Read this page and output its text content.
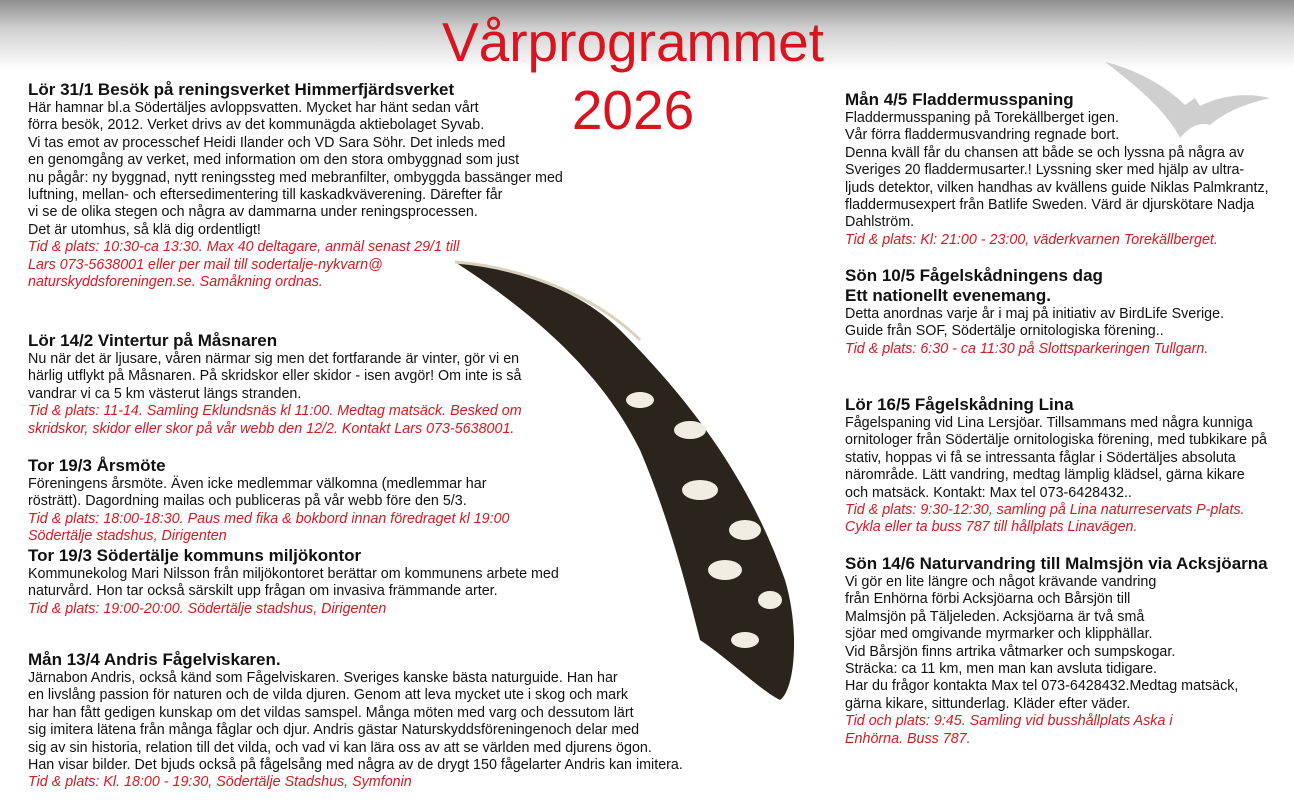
Vårprogrammet
2026
Lör 31/1 Besök på reningsverket Himmerfjärdsverket
Här hamnar bl.a Södertäljes avloppsvatten. Mycket har hänt sedan vårt
förra besök, 2012. Verket drivs av det kommunägda aktiebolaget Syvab.
Vi tas emot av processchef Heidi Ilander och VD Sara Söhr. Det inleds med
en genomgång av verket, med information om den stora ombyggnad som just
nu pågår: ny byggnad, nytt reningssteg med mebranfilter, ombyggda bassänger med
luftning, mellan- och eftersedimentering till kaskadkväverening. Därefter får
vi se de olika stegen och några av dammarna under reningsprocessen.
Det är utomhus, så klä dig ordentligt!
Tid & plats: 10:30-ca 13:30. Max 40 deltagare, anmäl senast 29/1 till
Lars 073-5638001 eller per mail till sodertalje-nykvarn@
naturskyddsforeningen.se. Samåkning ordnas.
Lör 14/2 Vintertur på Måsnaren
Nu när det är ljusare, våren närmar sig men det fortfarande är vinter, gör vi en
härlig utflykt på Måsnaren. På skridskor eller skidor - isen avgör! Om inte is så
vandrar vi ca 5 km västerut längs stranden.
Tid & plats: 11-14. Samling Eklundsnäs kl 11:00. Medtag matsäck. Besked om
skridskor, skidor eller skor på vår webb den 12/2. Kontakt Lars 073-5638001.
Tor 19/3 Årsmöte
Föreningens årsmöte. Även icke medlemmar välkomna (medlemmar har
rösträtt). Dagordning mailas och publiceras på vår webb före den 5/3.
Tid & plats: 18:00-18:30. Paus med fika & bokbord innan föredraget kl 19:00
Södertälje stadshus, Dirigenten
Tor 19/3 Södertälje kommuns miljökontor
Kommunekolog Mari Nilsson från miljökontoret berättar om kommunens arbete med
naturvård. Hon tar också särskilt upp frågan om invasiva främmande arter.
Tid & plats: 19:00-20:00. Södertälje stadshus, Dirigenten
Mån 13/4 Andris Fågelviskaren.
Järnabon Andris, också känd som Fågelviskaren. Sveriges kanske bästa naturguide. Han har
en livslång passion för naturen och de vilda djuren. Genom att leva mycket ute i skog och mark
har han fått gedigen kunskap om det vildas samspel. Många möten med varg och dessutom lärt
sig imitera lätena från många fåglar och djur. Andris gästar Naturskyddsföreningenoch delar med
sig av sin historia, relation till det vilda, och vad vi kan lära oss av att se världen med djurens ögon.
Han visar bilder. Det bjuds också på fågelsång med några av de drygt 150 fågelarter Andris kan imitera.
Tid & plats: Kl. 18:00 - 19:30, Södertälje Stadshus, Symfonin
Mån 4/5 Fladdermusspaning
Fladdermusspaning på Torekällberget igen.
Vår förra fladdermusvandring regnade bort.
Denna kväll får du chansen att både se och lyssna på några av
Sveriges 20 fladdermusarter.! Lyssning sker med hjälp av ultra-
ljuds detektor, vilken handhas av kvällens guide Niklas Palmkrantz,
fladdermusexpert från Batlife Sweden. Värd är djurskötare Nadja
Dahlström.
Tid & plats: Kl: 21:00 - 23:00, väderkvarnen Torekällberget.
Sön 10/5 Fågelskådningens dag
Ett nationellt evenemang.
Detta anordnas varje år i maj på initiativ av BirdLife Sverige.
Guide från SOF, Södertälje ornitologiska förening..
Tid & plats: 6:30 - ca 11:30 på Slottsparkeringen Tullgarn.
Lör 16/5 Fågelskådning Lina
Fågelspaning vid Lina Lersjöar. Tillsammans med några kunniga
ornitologer från Södertälje ornitologiska förening, med tubkikare på
stativ, hoppas vi få se intressanta fåglar i Södertäljes absoluta
närområde. Lätt vandring, medtag lämplig klädsel, gärna kikare
och matsäck. Kontakt: Max tel 073-6428432..
Tid & plats: 9:30-12:30, samling på Lina naturreservats P-plats.
Cykla eller ta buss 787 till hållplats Linavägen.
Sön 14/6 Naturvandring till Malmsjön via Acksjöarna
Vi gör en lite längre och något krävande vandring
från Enhörna förbi Acksjöarna och Bårsjön till
Malmsjön på Täljeleden. Acksjöarna är två små
sjöar med omgivande myrmarker och klipphällar.
Vid Bårsjön finns artrika våtmarker och sumpskogar.
Sträcka: ca 11 km, men man kan avsluta tidigare.
Har du frågor kontakta Max tel 073-6428432.Medtag matsäck,
gärna kikare, sittunderlag. Kläder efter väder.
Tid och plats: 9:45. Samling vid busshållplats Aska i
Enhörna. Buss 787.
